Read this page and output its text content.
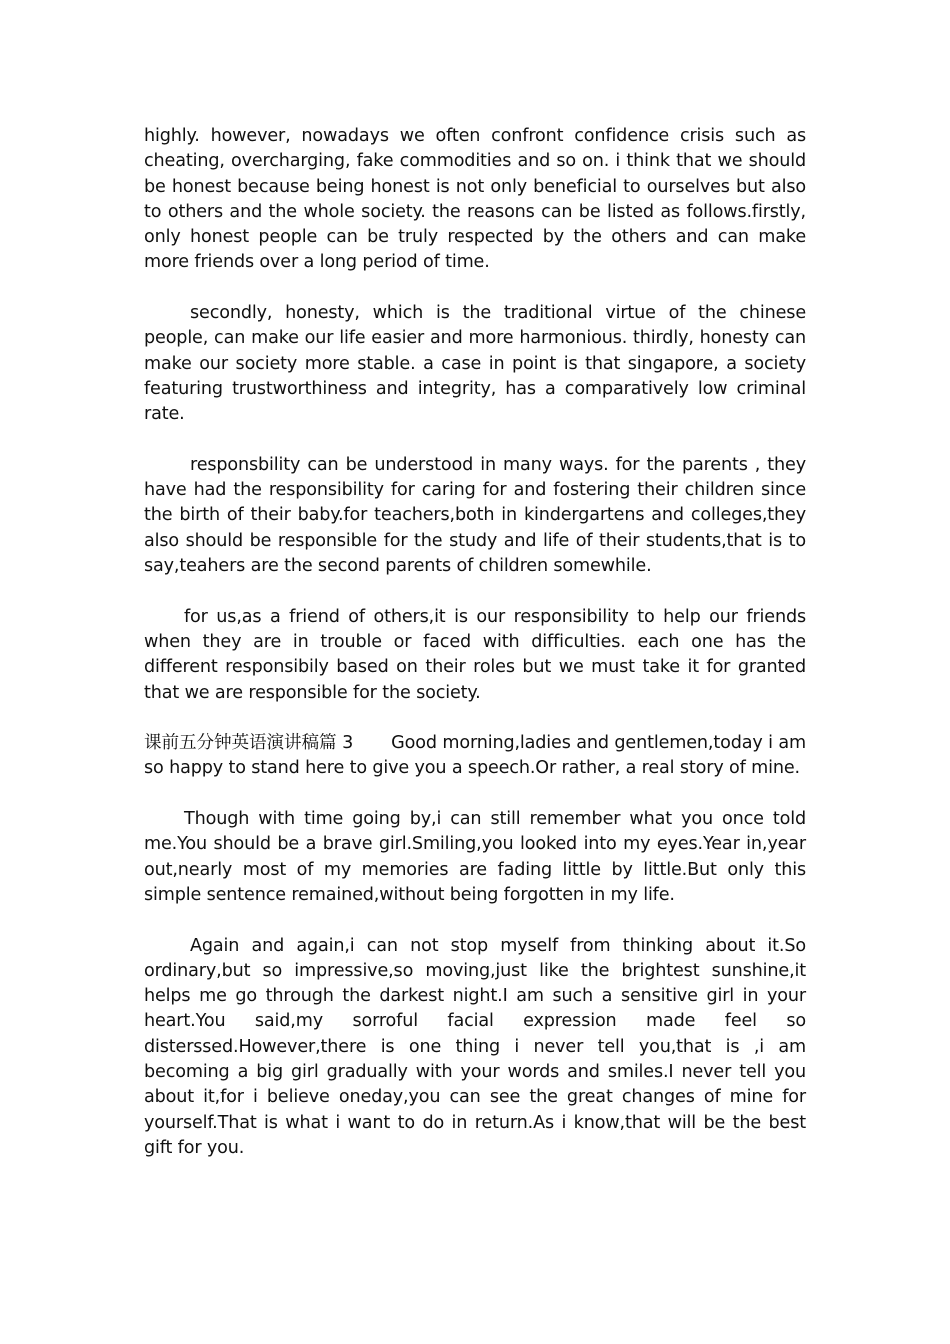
highly. however, nowadays we often confront confidence crisis such as cheating, overcharging, fake commodities and so on. i think that we should be honest because being honest is not only beneficial to ourselves but also to others and the whole society. the reasons can be listed as follows.firstly, only honest people can be truly respected by the others and can make more friends over a long period of time.

secondly, honesty, which is the traditional virtue of the chinese people, can make our life easier and more harmonious. thirdly, honesty can make our society more stable. a case in point is that singapore, a society featuring trustworthiness and integrity, has a comparatively low criminal rate.

responsbility can be understood in many ways. for the parents , they have had the responsibility for caring for and fostering their children since the birth of their baby.for teachers,both in kindergartens and colleges,they also should be responsible for the study and life of their students,that is to say,teahers are the second parents of children somewhile.

for us,as a friend of others,it is our responsibility to help our friends when they are in trouble or faced with difficulties. each one has the different responsibily based on their roles but we must take it for granted that we are responsible for the society.

课前五分钟英语演讲稿篇 3 Good morning,ladies and gentlemen,today i am so happy to stand here to give you a speech.Or rather, a real story of mine.

Though with time going by,i can still remember what you once told me.You should be a brave girl.Smiling,you looked into my eyes.Year in,year out,nearly most of my memories are fading little by little.But only this simple sentence remained,without being forgotten in my life.

Again and again,i can not stop myself from thinking about it.So ordinary,but so impressive,so moving,just like the brightest sunshine,it helps me go through the darkest night.I am such a sensitive girl in your heart.You said,my sorroful facial expression made feel so disterssed.However,there is one thing i never tell you,that is ,i am becoming a big girl gradually with your words and smiles.I never tell you about it,for i believe oneday,you can see the great changes of mine for yourself.That is what i want to do in return.As i know,that will be the best gift for you.
